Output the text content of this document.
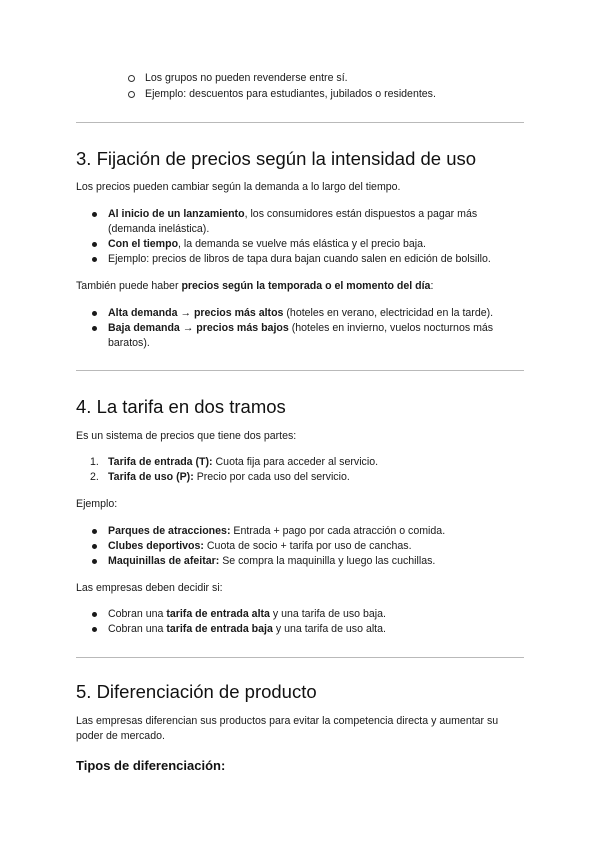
Los grupos no pueden revenderse entre sí.
Ejemplo: descuentos para estudiantes, jubilados o residentes.
3. Fijación de precios según la intensidad de uso
Los precios pueden cambiar según la demanda a lo largo del tiempo.
Al inicio de un lanzamiento, los consumidores están dispuestos a pagar más
(demanda inelástica).
Con el tiempo, la demanda se vuelve más elástica y el precio baja.
Ejemplo: precios de libros de tapa dura bajan cuando salen en edición de bolsillo.
También puede haber precios según la temporada o el momento del día:
Alta demanda → precios más altos (hoteles en verano, electricidad en la tarde).
Baja demanda → precios más bajos (hoteles en invierno, vuelos nocturnos más
baratos).
4. La tarifa en dos tramos
Es un sistema de precios que tiene dos partes:
1. Tarifa de entrada (T): Cuota fija para acceder al servicio.
2. Tarifa de uso (P): Precio por cada uso del servicio.
Ejemplo:
Parques de atracciones: Entrada + pago por cada atracción o comida.
Clubes deportivos: Cuota de socio + tarifa por uso de canchas.
Maquinillas de afeitar: Se compra la maquinilla y luego las cuchillas.
Las empresas deben decidir si:
Cobran una tarifa de entrada alta y una tarifa de uso baja.
Cobran una tarifa de entrada baja y una tarifa de uso alta.
5. Diferenciación de producto
Las empresas diferencian sus productos para evitar la competencia directa y aumentar su
poder de mercado.
Tipos de diferenciación:
